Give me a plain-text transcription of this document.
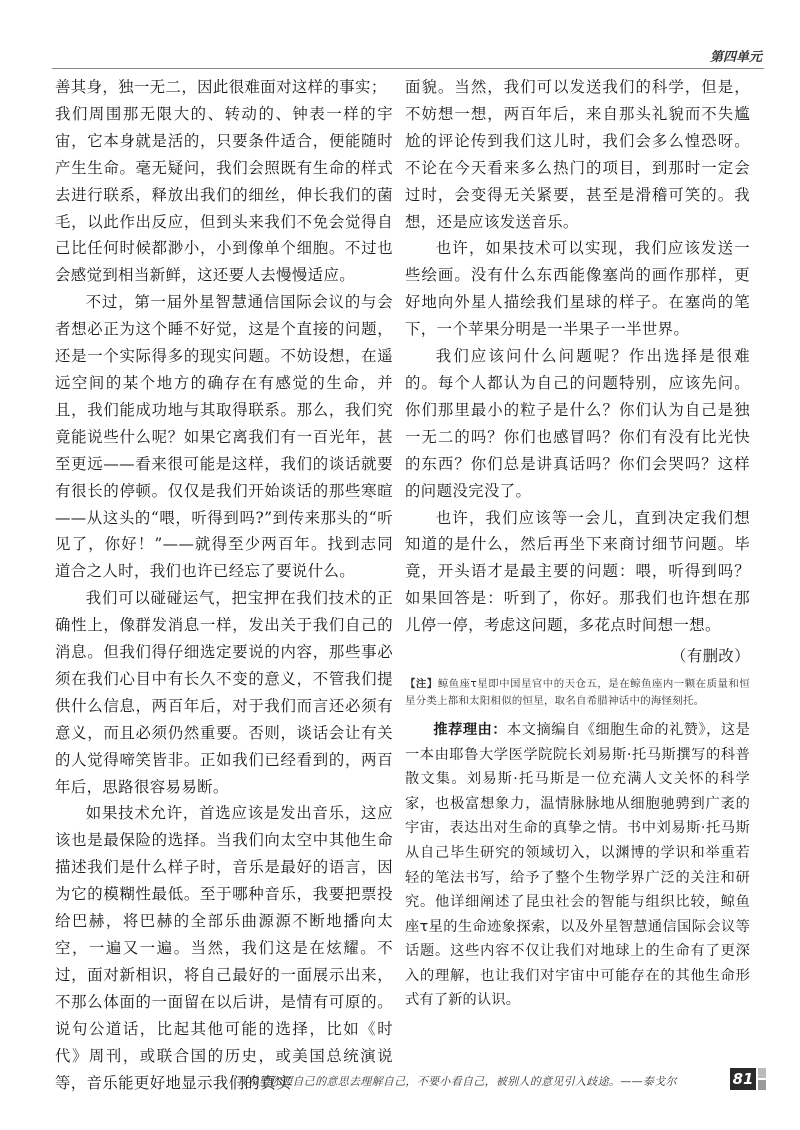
第四单元

善其身，独一无二，因此很难面对这样的事实；

我们周围那无限大的、转动的、钟表一样的宇宙，它本身就是活的，只要条件适合，便能随时产生生命。毫无疑问，我们会照既有生命的样式去进行联系，释放出我们的细丝，伸长我们的菌毛，以此作出反应，但到头来我们不免会觉得自己比任何时候都渺小，小到像单个细胞。不过也会感觉到相当新鲜，这还要人去慢慢适应。

不过，第一届外星智慧通信国际会议的与会者想必正为这个睡不好觉，这是个直接的问题，还是一个实际得多的现实问题。不妨设想，在遥远空间的某个地方的确存在有感觉的生命，并且，我们能成功地与其取得联系。那么，我们究竟能说些什么呢？如果它离我们有一百光年，甚至更远——看来很可能是这样，我们的谈话就要有很长的停顿。仅仅是我们开始谈话的那些寒暄——从这头的“喂，听得到吗?”到传来那头的“听见了，你好！”——就得至少两百年。找到志同道合之人时，我们也许已经忘了要说什么。

我们可以碰碰运气，把宝押在我们技术的正确性上，像群发消息一样，发出关于我们自己的消息。但我们得仔细选定要说的内容，那些事必须在我们心目中有长久不变的意义，不管我们提供什么信息，两百年后，对于我们而言还必须有意义，而且必须仍然重要。否则，谈话会让有关的人觉得啼笑皆非。正如我们已经看到的，两百年后，思路很容易易断。

如果技术允许，首选应该是发出音乐，这应该也是最保险的选择。当我们向太空中其他生命描述我们是什么样子时，音乐是最好的语言，因为它的模糊性最低。至于哪种音乐，我要把票投给巴赫，将巴赫的全部乐曲源源不断地播向太空，一遍又一遍。当然，我们这是在炫耀。不过，面对新相识，将自己最好的一面展示出来，不那么体面的一面留在以后讲，是情有可原的。说句公道话，比起其他可能的选择，比如《时代》周刊，或联合国的历史，或美国总统演说等，音乐能更好地显示我们的真实

面貌。当然，我们可以发送我们的科学，但是，不妨想一想，两百年后，来自那头礼貌而不失尴尬的评论传到我们这儿时，我们会多么惶恐呀。不论在今天看来多么热门的项目，到那时一定会过时，会变得无关紧要，甚至是滑稽可笑的。我想，还是应该发送音乐。

也许，如果技术可以实现，我们应该发送一些绘画。没有什么东西能像塞尚的画作那样，更好地向外星人描绘我们星球的样子。在塞尚的笔下，一个苹果分明是一半果子一半世界。

我们应该问什么问题呢？作出选择是很难的。每个人都认为自己的问题特别，应该先问。你们那里最小的粒子是什么？你们认为自己是独一无二的吗？你们也感冒吗？你们有没有比光快的东西？你们总是讲真话吗？你们会哭吗？这样的问题没完没了。

也许，我们应该等一会儿，直到决定我们想知道的是什么，然后再坐下来商讨细节问题。毕竟，开头语才是最主要的问题：喂，听得到吗？如果回答是：听到了，你好。那我们也许想在那儿停一停，考虑这问题，多花点时间想一想。

（有删改）

【注】鲸鱼座τ星即中国星官中的天仓五，是在鲸鱼座内一颗在质量和恒星分类上都和太阳相似的恒星，取名自希腊神话中的海怪刻托。
推荐理由：本文摘编自《细胞生命的礼赞》，这是一本由耶鲁大学医学院院长刘易斯·托马斯撰写的科普散文集。刘易斯·托马斯是一位充满人文关怀的科学家，也极富想象力，温情脉脉地从细胞驰骋到广袤的宇宙，表达出对生命的真挚之情。书中刘易斯·托马斯从自己毕生研究的领域切入，以渊博的学识和举重若轻的笔法书写，给予了整个生物学界广泛的关注和研究。他详细阐述了昆虫社会的智能与组织比较，鲸鱼座τ星的生命迹象探索，以及外星智慧通信国际会议等话题。这些内容不仅让我们对地球上的生命有了更深入的理解，也让我们对宇宙中可能存在的其他生命形式有了新的认识。
我希望你照自己的意思去理解自己，不要小看自己，被别人的意见引入歧途。——泰戈尔	81
